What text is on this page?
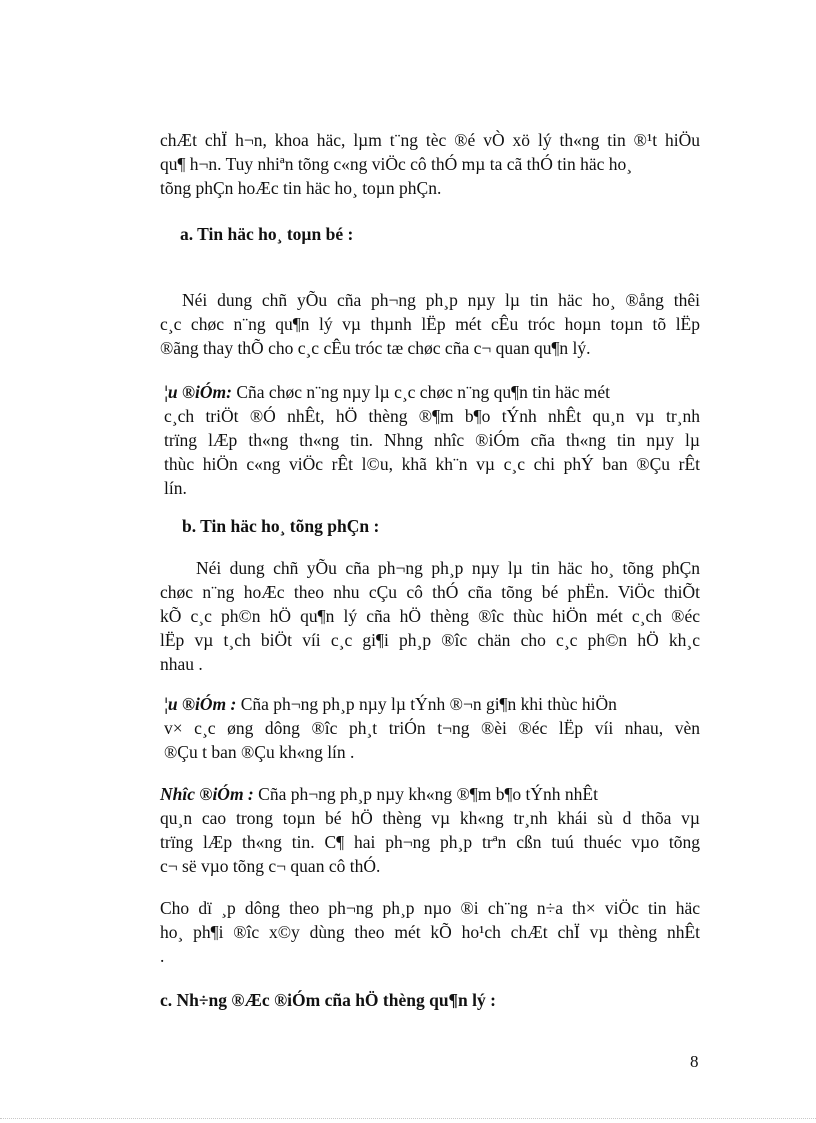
chÆt chÏ h¬n, khoa häc, lµm t¨ng tèc ®é vÒ xö lý th«ng tin ®¹t hiÖu
qu¶ h¬n. Tuy nhiªn tõng c«ng viÖc cô thÓ mµ ta cã thÓ tin häc ho¸
tõng phÇn hoÆc tin häc ho¸ toµn phÇn.
a. Tin häc ho¸ toµn bé :
Néi dung chñ yÕu cña ph¬ng ph¸p nµy lµ tin häc ho¸ ®ång thêi
c¸c chøc n¨ng qu¶n lý vµ thµnh lËp mét cÊu tróc hoµn toµn tõ lËp
®ãng thay thÕ cho c¸c cÊu tróc tæ chøc cña c¬ quan qu¶n lý.
¦u ®iÓm: Cña chøc n¨ng nµy lµ c¸c chøc n¨ng qu¶n tin häc mét
c¸ch triÖt ®Ó nhÊt, hÖ thèng ®¶m b¶o tÝnh nhÊt qu¸n vµ tr¸nh
trïng lÆp th«ng th«ng tin. Nhng nhîc ®iÓm cña th«ng tin nµy lµ
thùc hiÖn c«ng viÖc rÊt l©u, khã kh¨n vµ c¸c chi phÝ ban ®Çu rÊt
lín.
b. Tin häc ho¸ tõng phÇn :
Néi dung chñ yÕu cña ph¬ng ph¸p nµy lµ tin häc ho¸ tõng phÇn
chøc n¨ng hoÆc theo nhu cÇu cô thÓ cña tõng bé phËn. ViÖc thiÕt
kÕ c¸c ph©n hÖ qu¶n lý cña hÖ thèng ®îc thùc hiÖn mét c¸ch ®éc
lËp vµ t¸ch biÖt víi c¸c gi¶i ph¸p ®îc chän cho c¸c ph©n hÖ kh¸c
nhau .
¦u ®iÓm : Cña ph¬ng ph¸p nµy lµ tÝnh ®¬n gi¶n khi thùc hiÖn
v× c¸c øng dông ®îc ph¸t triÓn t¬ng ®èi ®éc lËp víi nhau, vèn
®Çu t ban ®Çu kh«ng lín .
Nhîc ®iÓm : Cña ph¬ng ph¸p nµy kh«ng ®¶m b¶o tÝnh nhÊt
qu¸n cao trong toµn bé hÖ thèng vµ kh«ng tr¸nh khái sù d thõa vµ
trïng lÆp th«ng tin. C¶ hai ph¬ng ph¸p trªn cßn tuú thuéc vµo tõng
c¬ së vµo tõng c¬ quan cô thÓ.
Cho dï ¸p dông theo ph¬ng ph¸p nµo ®i ch¨ng n÷a th× viÖc tin häc
ho¸ ph¶i ®îc x©y dùng theo mét kÕ ho¹ch chÆt chÏ vµ thèng nhÊt
.
c. Nh÷ng ®Æc ®iÓm cña hÖ thèng qu¶n lý :
8
